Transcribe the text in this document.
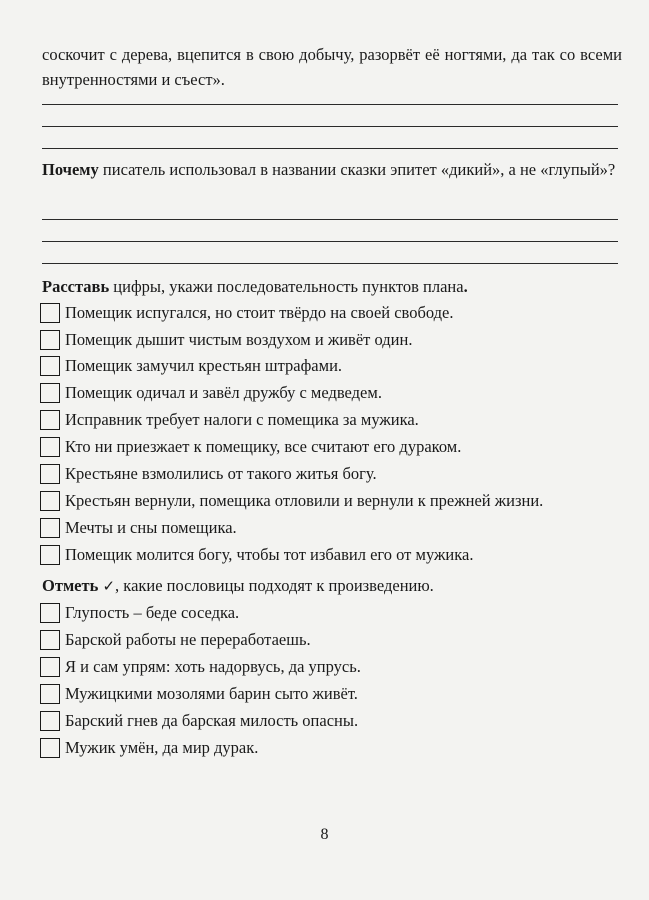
соскочит с дерева, вцепится в свою добычу, разорвёт её ногтями, да так со всеми внутренностями и съест».
Почему писатель использовал в названии сказки эпитет «дикий», а не «глупый»?
Расставь цифры, укажи последовательность пунктов плана.
Помещик испугался, но стоит твёрдо на своей свободе.
Помещик дышит чистым воздухом и живёт один.
Помещик замучил крестьян штрафами.
Помещик одичал и завёл дружбу с медведем.
Исправник требует налоги с помещика за мужика.
Кто ни приезжает к помещику, все считают его дураком.
Крестьяне взмолились от такого житья богу.
Крестьян вернули, помещика отловили и вернули к прежней жизни.
Мечты и сны помещика.
Помещик молится богу, чтобы тот избавил его от мужика.
Отметь ✓, какие пословицы подходят к произведению.
Глупость – беде соседка.
Барской работы не переработаешь.
Я и сам упрям: хоть надорвусь, да упрусь.
Мужицкими мозолями барин сыто живёт.
Барский гнев да барская милость опасны.
Мужик умён, да мир дурак.
8
